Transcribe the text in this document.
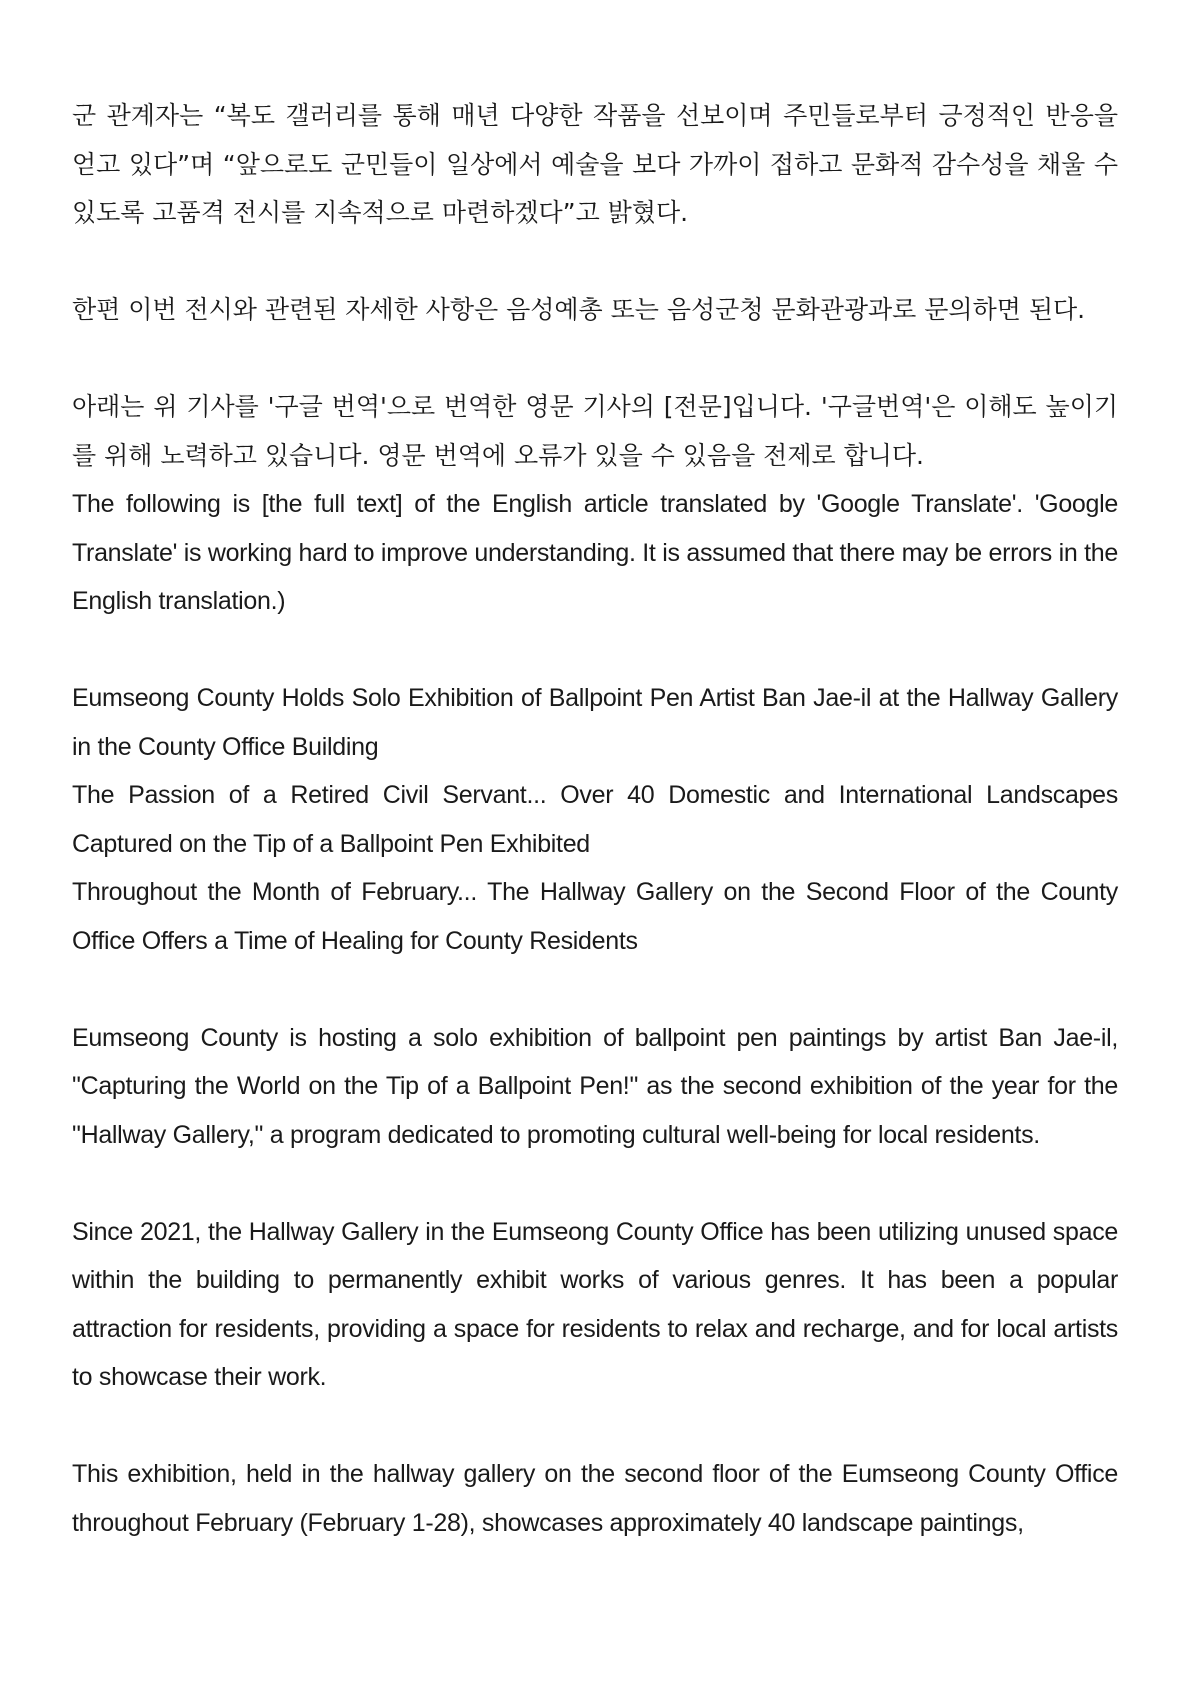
군 관계자는 “복도 갤러리를 통해 매년 다양한 작품을 선보이며 주민들로부터 긍정적인 반응을 얻고 있다”며 “앞으로도 군민들이 일상에서 예술을 보다 가까이 접하고 문화적 감수성을 채울 수 있도록 고품격 전시를 지속적으로 마련하겠다”고 밝혔다.

한편 이번 전시와 관련된 자세한 사항은 음성예총 또는 음성군청 문화관광과로 문의하면 된다.

아래는 위 기사를 '구글 번역'으로 번역한 영문 기사의 [전문]입니다. '구글번역'은 이해도 높이기를 위해 노력하고 있습니다. 영문 번역에 오류가 있을 수 있음을 전제로 합니다.

The following is [the full text] of the English article translated by 'Google Translate'. 'Google Translate' is working hard to improve understanding. It is assumed that there may be errors in the English translation.)

Eumseong County Holds Solo Exhibition of Ballpoint Pen Artist Ban Jae-il at the Hallway Gallery in the County Office Building

The Passion of a Retired Civil Servant... Over 40 Domestic and International Landscapes Captured on the Tip of a Ballpoint Pen Exhibited

Throughout the Month of February... The Hallway Gallery on the Second Floor of the County Office Offers a Time of Healing for County Residents

Eumseong County is hosting a solo exhibition of ballpoint pen paintings by artist Ban Jae-il, "Capturing the World on the Tip of a Ballpoint Pen!" as the second exhibition of the year for the "Hallway Gallery," a program dedicated to promoting cultural well-being for local residents.

Since 2021, the Hallway Gallery in the Eumseong County Office has been utilizing unused space within the building to permanently exhibit works of various genres. It has been a popular attraction for residents, providing a space for residents to relax and recharge, and for local artists to showcase their work.

This exhibition, held in the hallway gallery on the second floor of the Eumseong County Office throughout February (February 1-28), showcases approximately 40 landscape paintings,
